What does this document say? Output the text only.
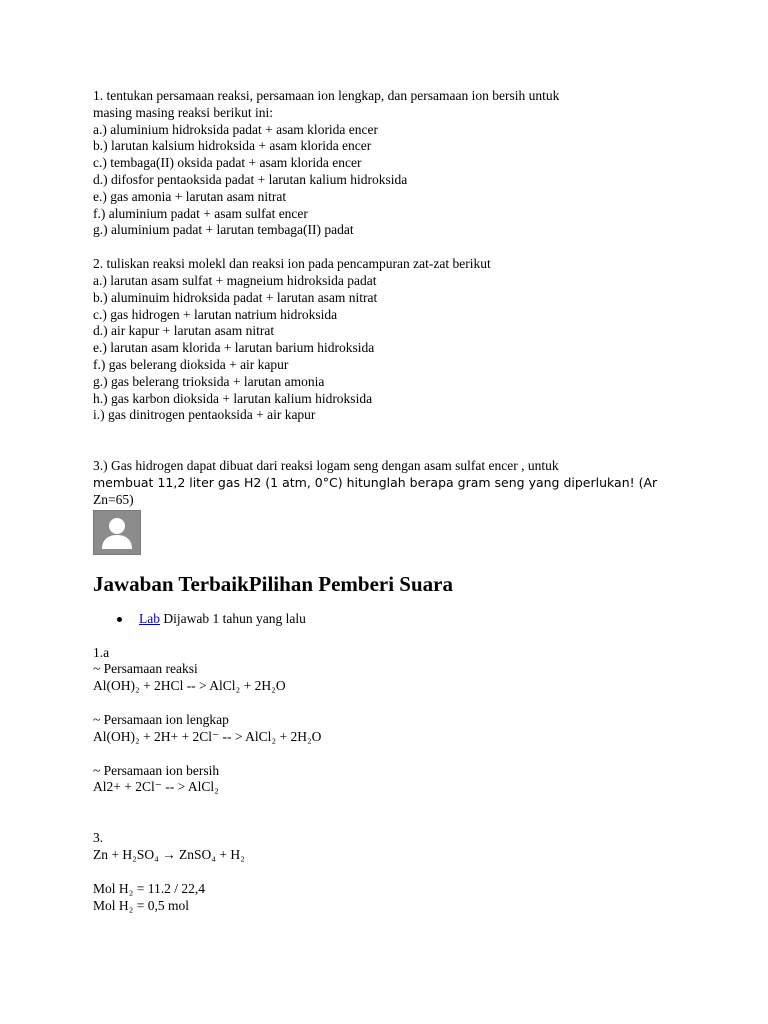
1. tentukan persamaan reaksi, persamaan ion lengkap, dan persamaan ion bersih untuk
masing masing reaksi berikut ini:
a.) aluminium hidroksida padat + asam klorida encer
b.) larutan kalsium hidroksida + asam klorida encer
c.) tembaga(II) oksida padat + asam klorida encer
d.) difosfor pentaoksida padat + larutan kalium hidroksida
e.) gas amonia + larutan asam nitrat
f.) aluminium padat + asam sulfat encer
g.) aluminium padat + larutan tembaga(II) padat
2. tuliskan reaksi molekl dan reaksi ion pada pencampuran zat-zat berikut
a.) larutan asam sulfat + magneium hidroksida padat
b.) aluminuim hidroksida padat + larutan asam nitrat
c.) gas hidrogen + larutan natrium hidroksida
d.) air kapur + larutan asam nitrat
e.) larutan asam klorida + larutan barium hidroksida
f.) gas belerang dioksida + air kapur
g.) gas belerang trioksida + larutan amonia
h.) gas karbon dioksida + larutan kalium hidroksida
i.) gas dinitrogen pentaoksida + air kapur
3.) Gas hidrogen dapat dibuat dari reaksi logam seng dengan asam sulfat encer , untuk
membuat 11,2 liter gas H2 (1 atm, 0°C) hitunglah berapa gram seng yang diperlukan! (Ar
Zn=65)
Jawaban TerbaikPilihan Pemberi Suara
Lab Dijawab 1 tahun yang lalu
1.a
~ Persamaan reaksi
Al(OH)₂ + 2HCl -- > AlCl₂ + 2H₂O
~ Persamaan ion lengkap
Al(OH)₂ + 2H+ + 2Cl⁻ -- > AlCl₂ + 2H₂O
~ Persamaan ion bersih
Al2+ + 2Cl⁻ -- > AlCl₂
3.
Zn + H₂SO₄ → ZnSO₄ + H₂
Mol H₂ = 11.2 / 22,4
Mol H₂ = 0,5 mol
